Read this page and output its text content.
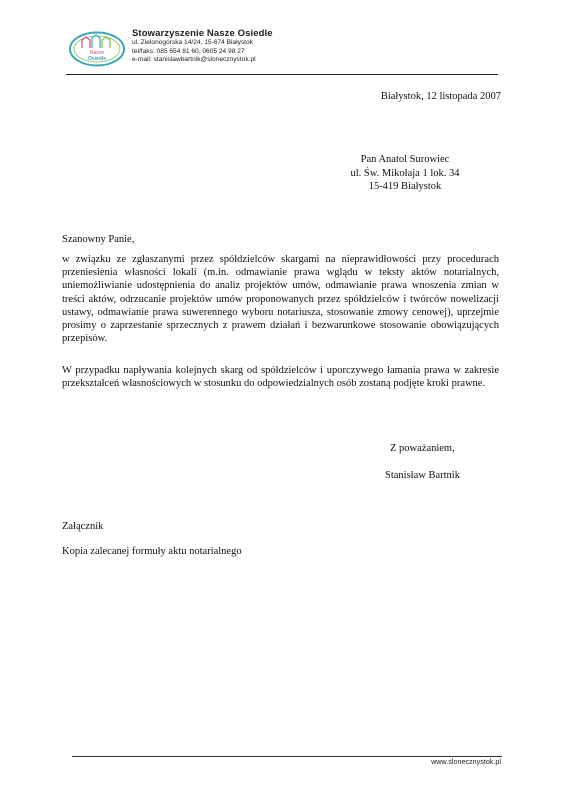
Nasze
Osiedle
Stowarzyszenie Nasze Osiedle
ul. Zielonogórska 14/24, 15-674 Białystok
tel/faks: 085 654 81 60, 0605 24 98 27
e-mail: stanislawbartnik@slonecznystok.pl
Białystok, 12 listopada 2007
Pan Anatol Surowiec
ul. Św. Mikołaja 1 lok. 34
15-419 Białystok
Szanowny Panie,

w związku ze zgłaszanymi przez spółdzielców skargami na nieprawidłowości przy procedurach przeniesienia własności lokali (m.in. odmawianie prawa wglądu w teksty aktów notarialnych, uniemożliwianie udostępnienia do analiz projektów umów, odmawianie prawa wnoszenia zmian w treści aktów, odrzucanie projektów umów proponowanych przez spółdzielców i twórców nowelizacji ustawy, odmawianie prawa suwerennego wyboru notariusza, stosowanie zmowy cenowej), uprzejmie prosimy o zaprzestanie sprzecznych z prawem działań i bezwarunkowe stosowanie obowiązujących przepisów.

W przypadku napływania kolejnych skarg od spółdzielców i uporczywego łamania prawa w zakresie przekształceń własnościowych w stosunku do odpowiedzialnych osób zostaną podjęte kroki prawne.

Z poważaniem,
Stanisław Bartnik
Załącznik
Kopia zalecanej formuły aktu notarialnego
www.slonecznystok.pl
